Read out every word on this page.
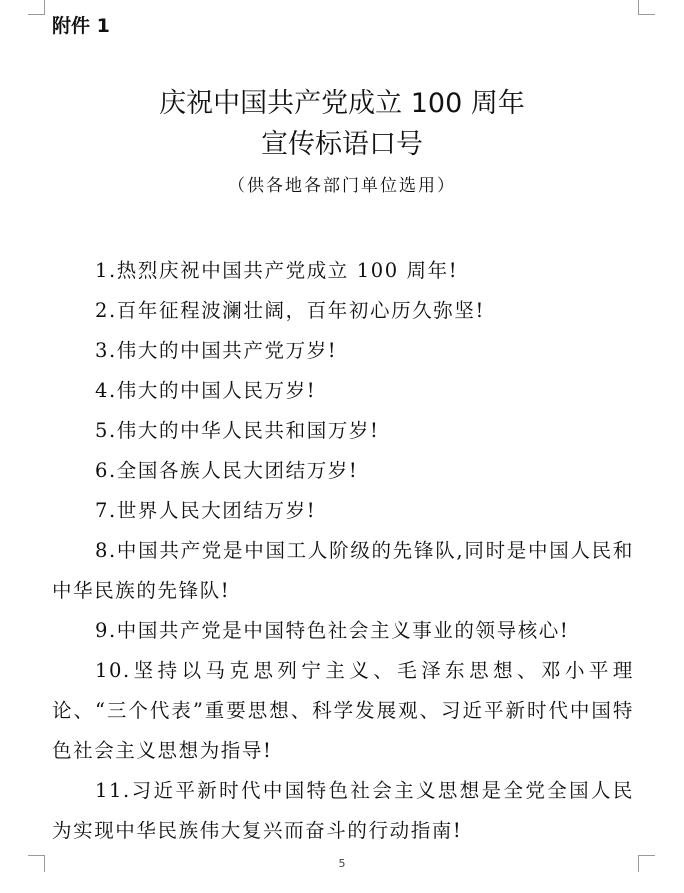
附件 1
庆祝中国共产党成立 100 周年
宣传标语口号
（供各地各部门单位选用）
1.热烈庆祝中国共产党成立 100 周年!
2.百年征程波澜壮阔，百年初心历久弥坚!
3.伟大的中国共产党万岁!
4.伟大的中国人民万岁!
5.伟大的中华人民共和国万岁!
6.全国各族人民大团结万岁!
7.世界人民大团结万岁!
8.中国共产党是中国工人阶级的先锋队,同时是中国人民和中华民族的先锋队!
9.中国共产党是中国特色社会主义事业的领导核心!
10.坚持以马克思列宁主义、毛泽东思想、邓小平理论、“三个代表”重要思想、科学发展观、习近平新时代中国特色社会主义思想为指导!
11.习近平新时代中国特色社会主义思想是全党全国人民为实现中华民族伟大复兴而奋斗的行动指南!
5
